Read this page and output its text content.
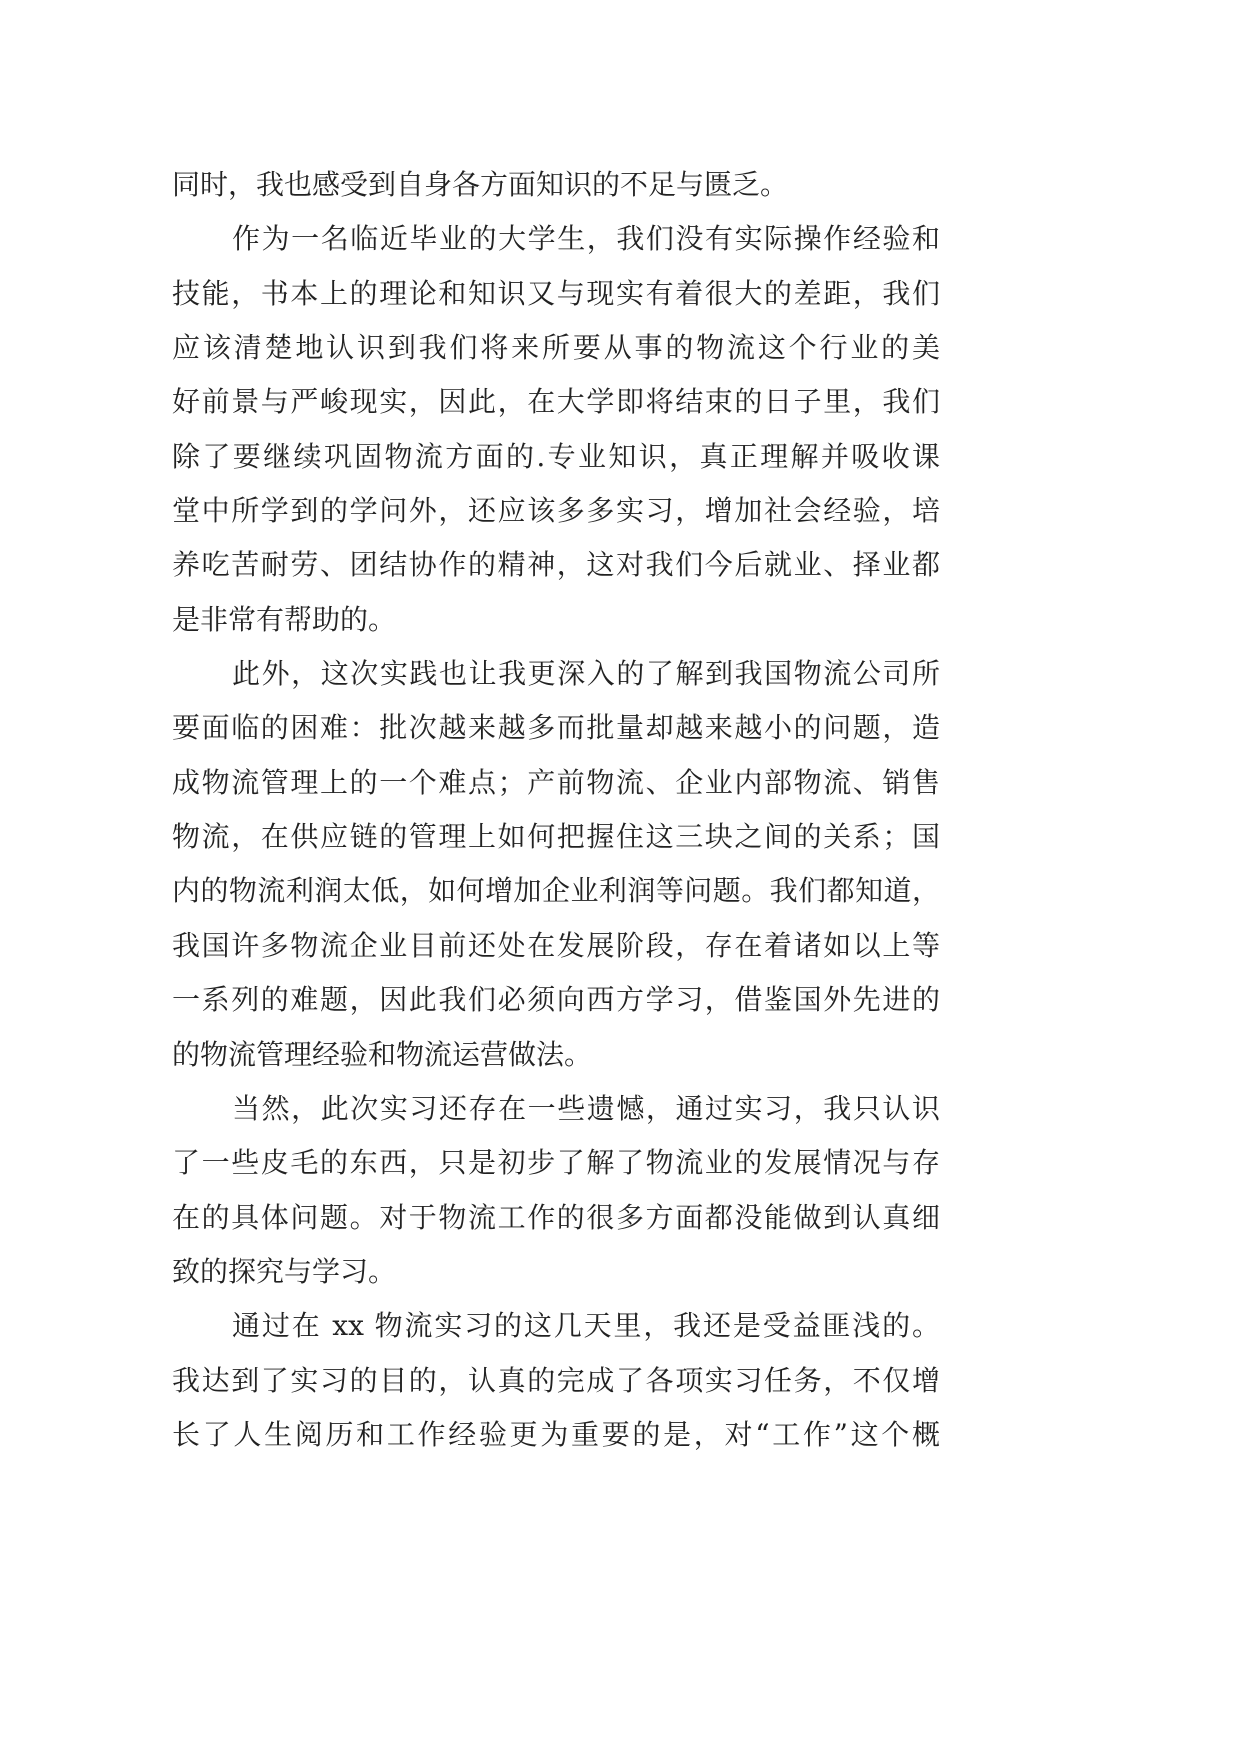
同时，我也感受到自身各方面知识的不足与匮乏。
作为一名临近毕业的大学生，我们没有实际操作经验和
技能，书本上的理论和知识又与现实有着很大的差距，我们
应该清楚地认识到我们将来所要从事的物流这个行业的美
好前景与严峻现实，因此，在大学即将结束的日子里，我们
除了要继续巩固物流方面的.专业知识，真正理解并吸收课
堂中所学到的学问外，还应该多多实习，增加社会经验，培
养吃苦耐劳、团结协作的精神，这对我们今后就业、择业都
是非常有帮助的。
此外，这次实践也让我更深入的了解到我国物流公司所
要面临的困难：批次越来越多而批量却越来越小的问题，造
成物流管理上的一个难点；产前物流、企业内部物流、销售
物流，在供应链的管理上如何把握住这三块之间的关系；国
内的物流利润太低，如何增加企业利润等问题。我们都知道，
我国许多物流企业目前还处在发展阶段，存在着诸如以上等
一系列的难题，因此我们必须向西方学习，借鉴国外先进的
的物流管理经验和物流运营做法。
当然，此次实习还存在一些遗憾，通过实习，我只认识
了一些皮毛的东西，只是初步了解了物流业的发展情况与存
在的具体问题。对于物流工作的很多方面都没能做到认真细
致的探究与学习。
通过在 xx 物流实习的这几天里，我还是受益匪浅的。
我达到了实习的目的，认真的完成了各项实习任务，不仅增
长了人生阅历和工作经验更为重要的是，对“工作”这个概
